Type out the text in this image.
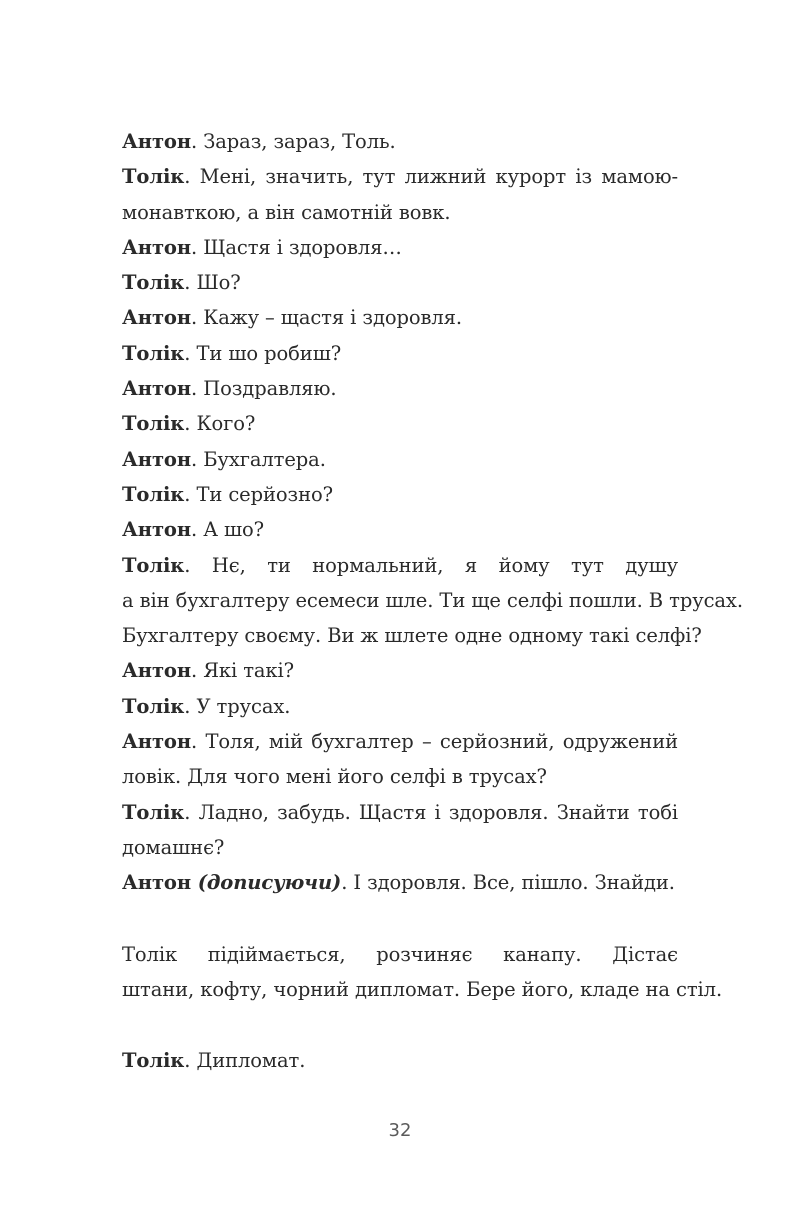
Антон. Зараз, зараз, Толь.
Толік. Мені, значить, тут лижний курорт із мамою-
монавткою, а він самотній вовк.
Антон. Щастя і здоровля…
Толік. Шо?
Антон. Кажу – щастя і здоровля.
Толік. Ти шо робиш?
Антон. Поздравляю.
Толік. Кого?
Антон. Бухгалтера.
Толік. Ти серйозно?
Антон. А шо?
Толік. Нє, ти нормальний, я йому тут душу
а він бухгалтеру есемеси шле. Ти ще селфі пошли. В трусах.
Бухгалтеру своєму. Ви ж шлете одне одному такі селфі?
Антон. Які такі?
Толік. У трусах.
Антон. Толя, мій бухгалтер – серйозний, одружений
ловік. Для чого мені його селфі в трусах?
Толік. Ладно, забудь. Щастя і здоровля. Знайти тобі
домашнє?
Антон (дописуючи). І здоровля. Все, пішло. Знайди.
Толік підіймається, розчиняє канапу. Дістає
штани, кофту, чорний дипломат. Бере його, кладе на стіл.
Толік. Дипломат.
32
